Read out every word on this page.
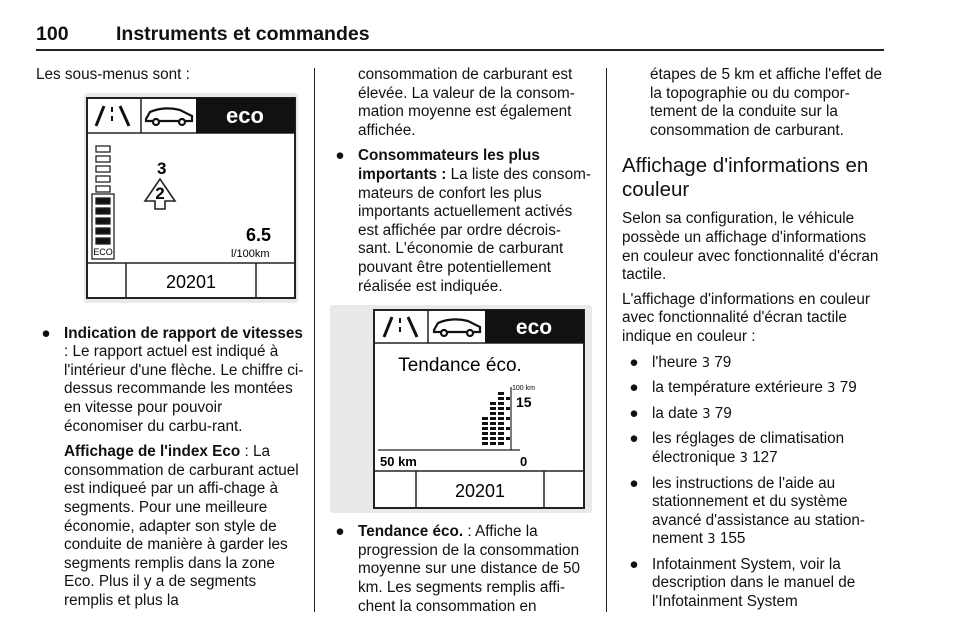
100 Instruments et commandes

Les sous-menus sont :

eco
ECO
3
2
6.5
l/100km
20201
● Indication de rapport de vitesses : Le rapport actuel est indiqué à l'intérieur d'une flèche. Le chiffre ci-dessus recommande les montées en vitesse pour pouvoir économiser du carbu-rant.

Affichage de l'index Eco : La consommation de carburant actuel est indiqueé par un affi-chage à segments. Pour une meilleure économie, adapter son style de conduite de manière à garder les segments remplis dans la zone Eco. Plus il y a de segments remplis et plus la

consommation de carburant est élevée. La valeur de la consom-mation moyenne est également affichée.

● Consommateurs les plus importants : La liste des consom-mateurs de confort les plus importants actuellement activés est affichée par ordre décrois-sant. L'économie de carburant pouvant être potentiellement réalisée est indiquée.

eco
Tendance éco.
100 km
15
50 km	0
20201
● Tendance éco. : Affiche la progression de la consommation moyenne sur une distance de 50 km. Les segments remplis affi-chent la consommation en

étapes de 5 km et affiche l'effet de la topographie ou du compor-tement de la conduite sur la consommation de carburant.

Affichage d'informations en couleur

Selon sa configuration, le véhicule possède un affichage d'informations en couleur avec fonctionnalité d'écran tactile.

L'affichage d'informations en couleur avec fonctionnalité d'écran tactile indique en couleur :

● l'heure 3 79
● la température extérieure 3 79
● la date 3 79
● les réglages de climatisation électronique 3 127
● les instructions de l'aide au stationnement et du système avancé d'assistance au station-nement 3 155
● Infotainment System, voir la description dans le manuel de l'Infotainment System
